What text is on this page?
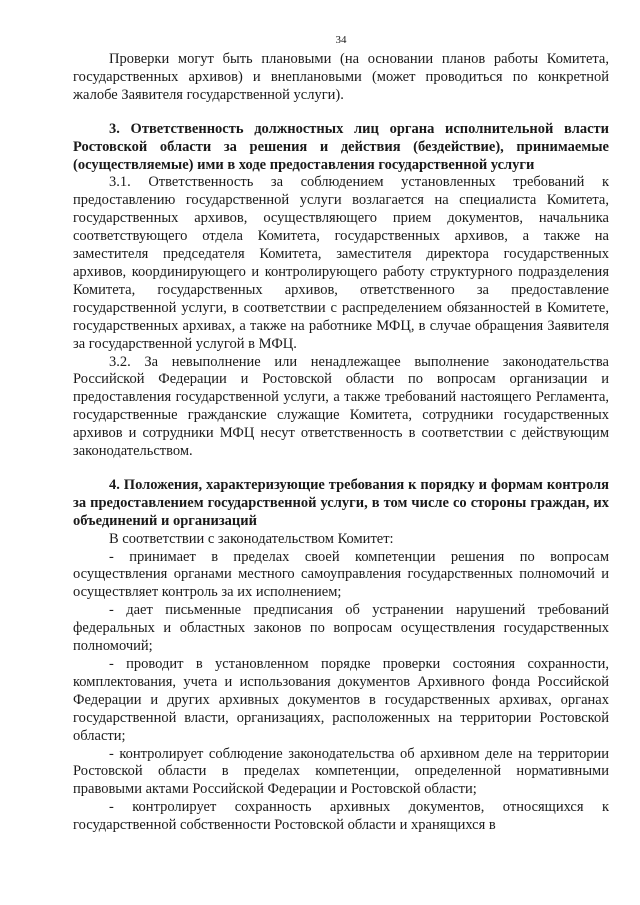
34

Проверки могут быть плановыми (на основании планов работы Комитета, государственных архивов) и внеплановыми (может проводиться по конкретной жалобе Заявителя государственной услуги).

3. Ответственность должностных лиц органа исполнительной власти Ростовской области за решения и действия (бездействие), принимаемые (осуществляемые) ими в ходе предоставления государственной услуги

3.1. Ответственность за соблюдением установленных требований к предоставлению государственной услуги возлагается на специалиста Комитета, государственных архивов, осуществляющего прием документов, начальника соответствующего отдела Комитета, государственных архивов, а также на заместителя председателя Комитета, заместителя директора государственных архивов, координирующего и контролирующего работу структурного подразделения Комитета, государственных архивов, ответственного за предоставление государственной услуги, в соответствии с распределением обязанностей в Комитете, государственных архивах, а также на работнике МФЦ, в случае обращения Заявителя за государственной услугой в МФЦ.

3.2. За невыполнение или ненадлежащее выполнение законодательства Российской Федерации и Ростовской области по вопросам организации и предоставления государственной услуги, а также требований настоящего Регламента, государственные гражданские служащие Комитета, сотрудники государственных архивов и сотрудники МФЦ несут ответственность в соответствии с действующим законодательством.

4. Положения, характеризующие требования к порядку и формам контроля за предоставлением государственной услуги, в том числе со стороны граждан, их объединений и организаций

В соответствии с законодательством Комитет:

- принимает в пределах своей компетенции решения по вопросам осуществления органами местного самоуправления государственных полномочий и осуществляет контроль за их исполнением;

- дает письменные предписания об устранении нарушений требований федеральных и областных законов по вопросам осуществления государственных полномочий;

- проводит в установленном порядке проверки состояния сохранности, комплектования, учета и использования документов Архивного фонда Российской Федерации и других архивных документов в государственных архивах, органах государственной власти, организациях, расположенных на территории Ростовской области;

- контролирует соблюдение законодательства об архивном деле на территории Ростовской области в пределах компетенции, определенной нормативными правовыми актами Российской Федерации и Ростовской области;

- контролирует сохранность архивных документов, относящихся к государственной собственности Ростовской области и хранящихся в
